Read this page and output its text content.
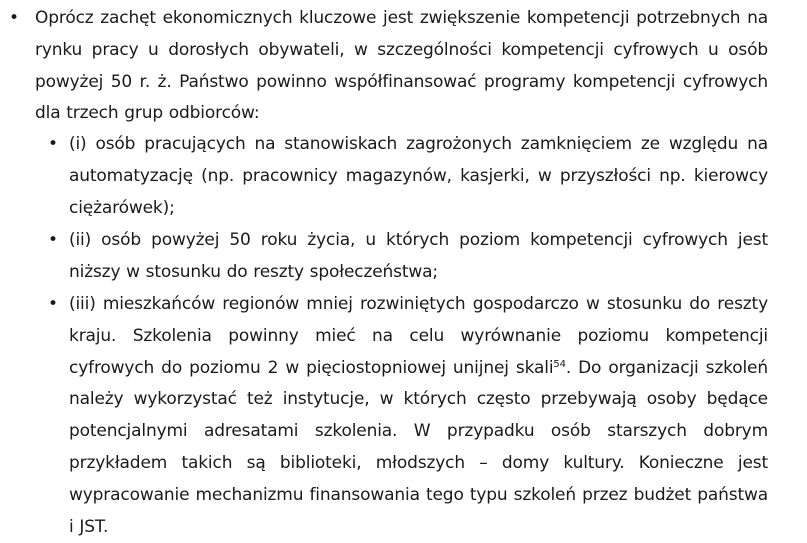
• Oprócz zachęt ekonomicznych kluczowe jest zwiększenie kompetencji potrzebnych na rynku pracy u dorosłych obywateli, w szczególności kompetencji cyfrowych u osób powyżej 50 r. ż. Państwo powinno współfinansować programy kompetencji cyfrowych dla trzech grup odbiorców:
• (i) osób pracujących na stanowiskach zagrożonych zamknięciem ze względu na automatyzację (np. pracownicy magazynów, kasjerki, w przyszłości np. kierowcy ciężarówek);
• (ii) osób powyżej 50 roku życia, u których poziom kompetencji cyfrowych jest niższy w stosunku do reszty społeczeństwa;
• (iii) mieszkańców regionów mniej rozwiniętych gospodarczo w stosunku do reszty kraju. Szkolenia powinny mieć na celu wyrównanie poziomu kompetencji cyfrowych do poziomu 2 w pięciostopniowej unijnej skali$^{54}$. Do organizacji szkoleń należy wykorzystać też instytucje, w których często przebywają osoby będące potencjalnymi adresatami szkolenia. W przypadku osób starszych dobrym przykładem takich są biblioteki, młodszych – domy kultury. Konieczne jest wypracowanie mechanizmu finansowania tego typu szkoleń przez budżet państwa i JST.
